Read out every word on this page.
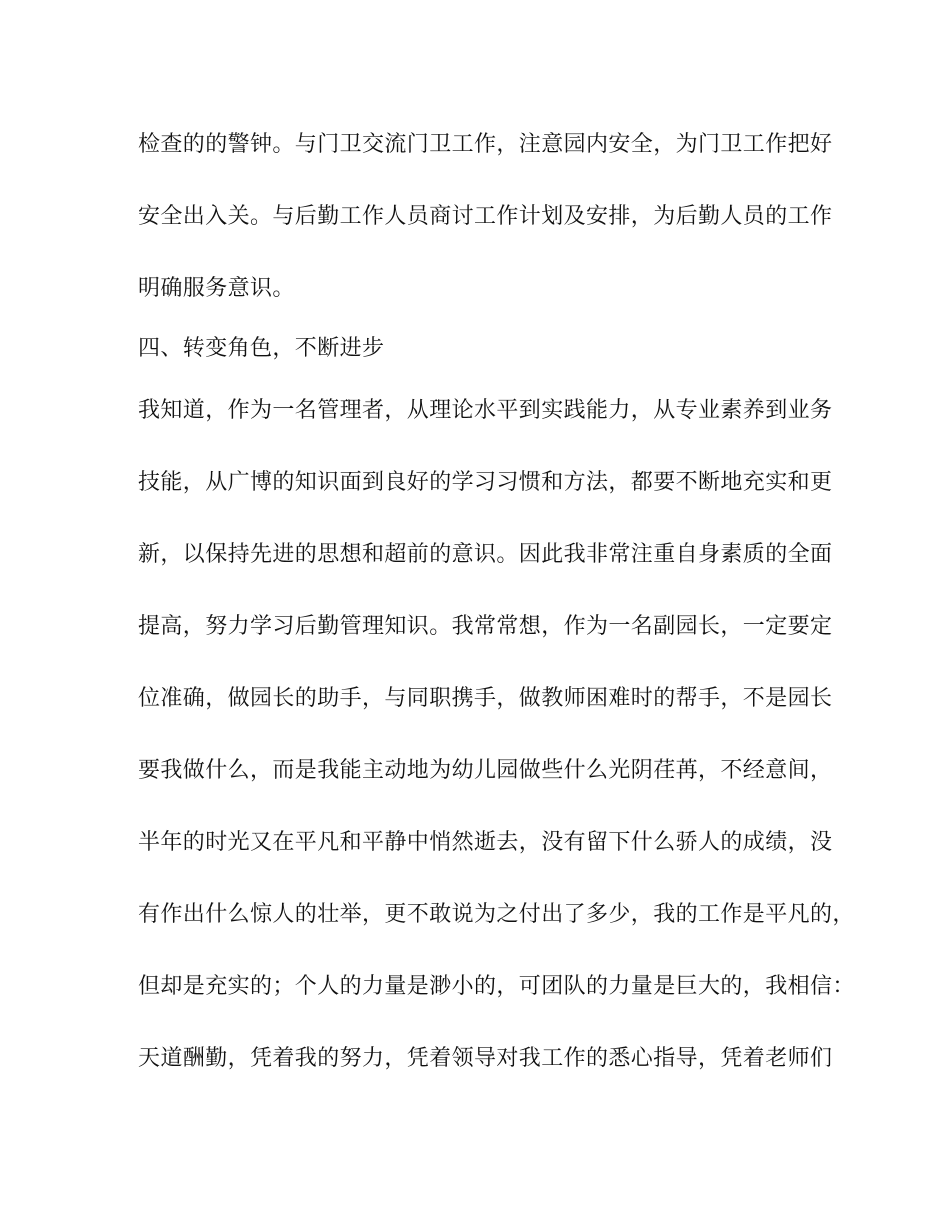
检查的的警钟。与门卫交流门卫工作，注意园内安全，为门卫工作把好
安全出入关。与后勤工作人员商讨工作计划及安排，为后勤人员的工作
明确服务意识。
四、转变角色，不断进步
我知道，作为一名管理者，从理论水平到实践能力，从专业素养到业务
技能，从广博的知识面到良好的学习习惯和方法，都要不断地充实和更
新，以保持先进的思想和超前的意识。因此我非常注重自身素质的全面
提高，努力学习后勤管理知识。我常常想，作为一名副园长，一定要定
位准确，做园长的助手，与同职携手，做教师困难时的帮手，不是园长
要我做什么，而是我能主动地为幼儿园做些什么光阴荏苒，不经意间，
半年的时光又在平凡和平静中悄然逝去，没有留下什么骄人的成绩，没
有作出什么惊人的壮举，更不敢说为之付出了多少，我的工作是平凡的，
但却是充实的；个人的力量是渺小的，可团队的力量是巨大的，我相信：
天道酬勤，凭着我的努力，凭着领导对我工作的悉心指导，凭着老师们
